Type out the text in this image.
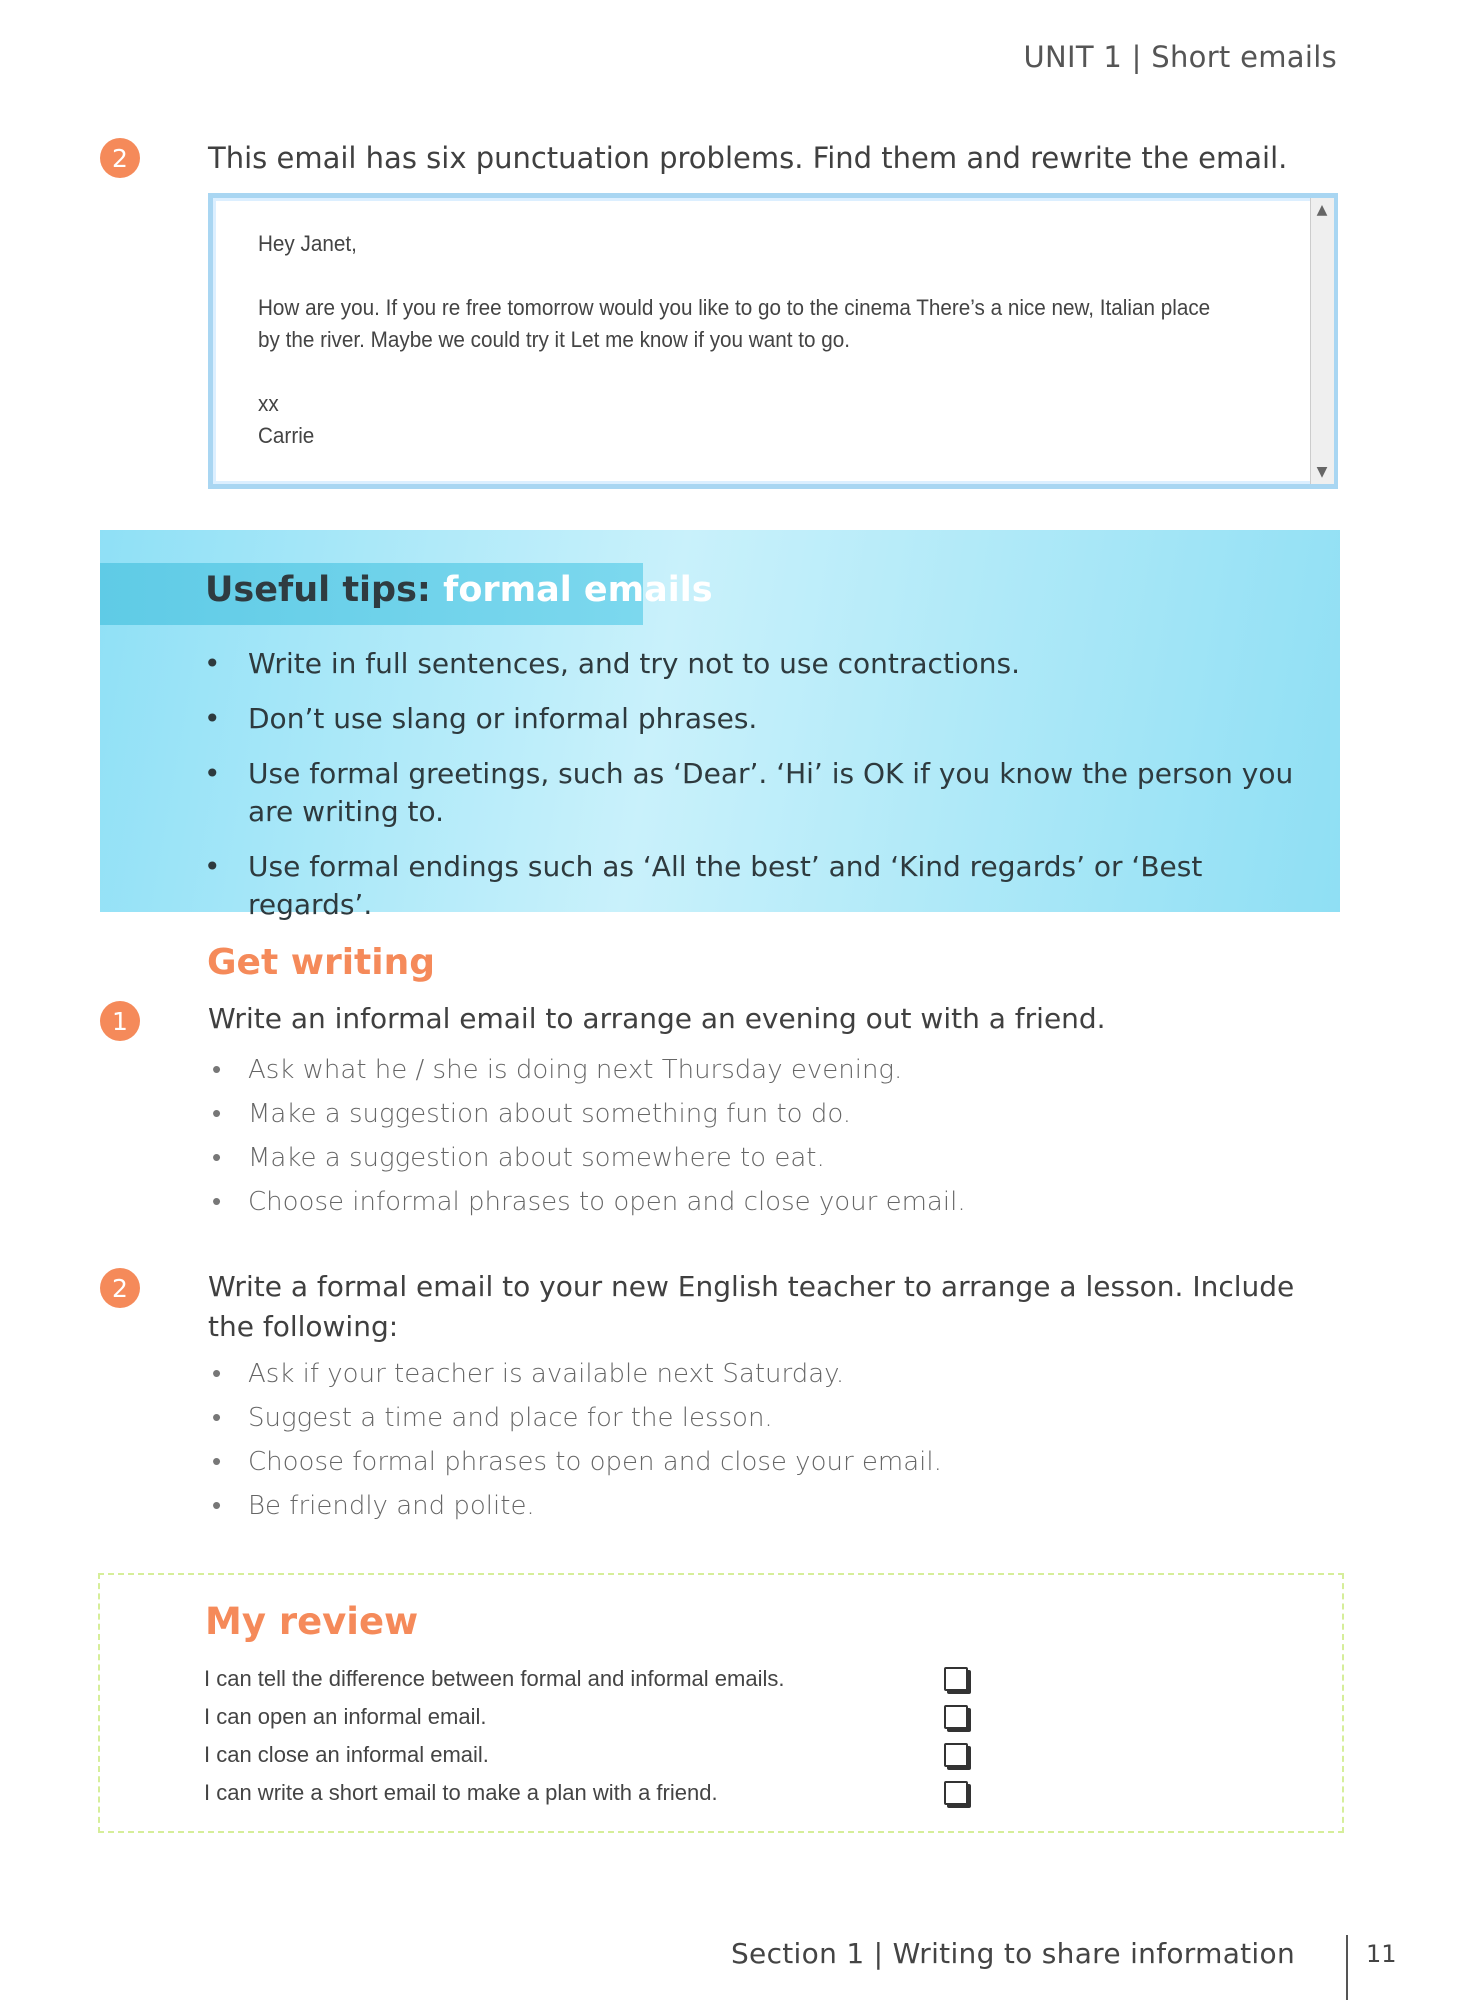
UNIT 1 | Short emails
2	This email has six punctuation problems. Find them and rewrite the email.

Hey Janet,

How are you. If you re free tomorrow would you like to go to the cinema There’s a nice new, Italian place by the river. Maybe we could try it Let me know if you want to go.

xx

Carrie

▲
▼
Useful tips: formal emails
• Write in full sentences, and try not to use contractions.
• Don’t use slang or informal phrases.
• Use formal greetings, such as ‘Dear’. ‘Hi’ is OK if you know the person you are writing to.
• Use formal endings such as ‘All the best’ and ‘Kind regards’ or ‘Best regards’.
Get writing
1	Write an informal email to arrange an evening out with a friend.
• Ask what he / she is doing next Thursday evening.
• Make a suggestion about something fun to do.
• Make a suggestion about somewhere to eat.
• Choose informal phrases to open and close your email.
2	Write a formal email to your new English teacher to arrange a lesson. Include the following:
• Ask if your teacher is available next Saturday.
• Suggest a time and place for the lesson.
• Choose formal phrases to open and close your email.
• Be friendly and polite.
My review
I can tell the difference between formal and informal emails.
I can open an informal email.
I can close an informal email.
I can write a short email to make a plan with a friend.
Section 1 | Writing to share information	11
